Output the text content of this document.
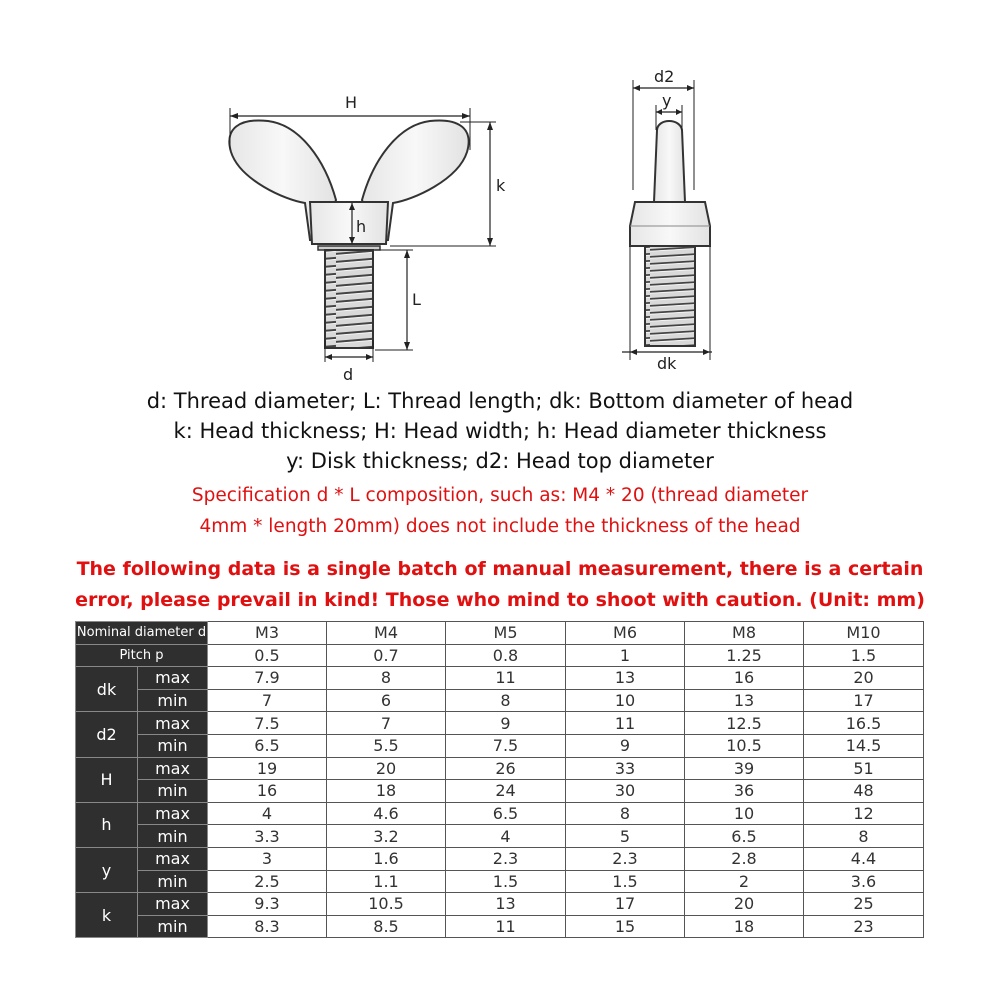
H
k
h
L
d
d2
y
dk
d: Thread diameter; L: Thread length; dk: Bottom diameter of head
k: Head thickness; H: Head width; h: Head diameter thickness
y: Disk thickness; d2: Head top diameter
Specification d * L composition, such as: M4 * 20 (thread diameter
4mm * length 20mm) does not include the thickness of the head
The following data is a single batch of manual measurement, there is a certain
error, please prevail in kind! Those who mind to shoot with caution. (Unit: mm)
Nominal diameter d		M3	M4	M5	M6	M8	M10
Pitch p		0.5	0.7	0.8	1	1.25	1.5
dk	max	7.9	8	11	13	16	20
	min	7	6	8	10	13	17
d2	max	7.5	7	9	11	12.5	16.5
	min	6.5	5.5	7.5	9	10.5	14.5
H	max	19	20	26	33	39	51
	min	16	18	24	30	36	48
h	max	4	4.6	6.5	8	10	12
	min	3.3	3.2	4	5	6.5	8
y	max	3	1.6	2.3	2.3	2.8	4.4
	min	2.5	1.1	1.5	1.5	2	3.6
k	max	9.3	10.5	13	17	20	25
	min	8.3	8.5	11	15	18	23
